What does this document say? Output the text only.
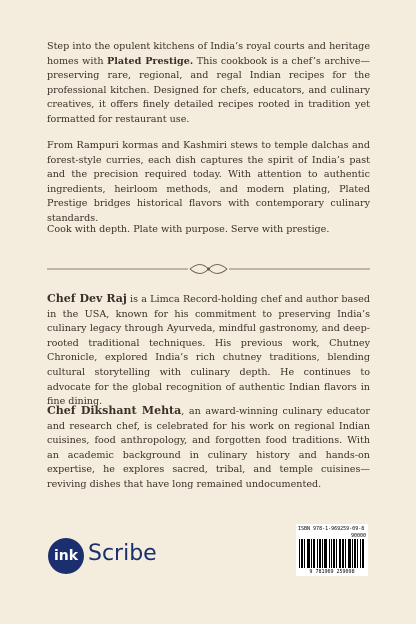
Step into the opulent kitchens of India’s royal courts and heritage homes with Plated Prestige. This cookbook is a chef’s archive—preserving rare, regional, and regal Indian recipes for the professional kitchen. Designed for chefs, educators, and culinary creatives, it offers finely detailed recipes rooted in tradition yet formatted for restaurant use.

From Rampuri kormas and Kashmiri stews to temple dalchas and forest-style curries, each dish captures the spirit of India’s past and the precision required today. With attention to authentic ingredients, heirloom methods, and modern plating, Plated Prestige bridges historical flavors with contemporary culinary standards.

Cook with depth. Plate with purpose. Serve with prestige.

Chef Dev Raj is a Limca Record-holding chef and author based in the USA, known for his commitment to preserving India’s culinary legacy through Ayurveda, mindful gastronomy, and deep-rooted traditional techniques. His previous work, Chutney Chronicle, explored India’s rich chutney traditions, blending cultural storytelling with culinary depth. He continues to advocate for the global recognition of authentic Indian flavors in fine dining.
Chef Dikshant Mehta, an award-winning culinary educator and research chef, is celebrated for his work on regional Indian cuisines, food anthropology, and forgotten food traditions. With an academic background in culinary history and hands-on expertise, he explores sacred, tribal, and temple cuisines—reviving dishes that have long remained undocumented.
ink Scribe
ISBN 978-1-969259-09-8
90000
9 781969 259098
